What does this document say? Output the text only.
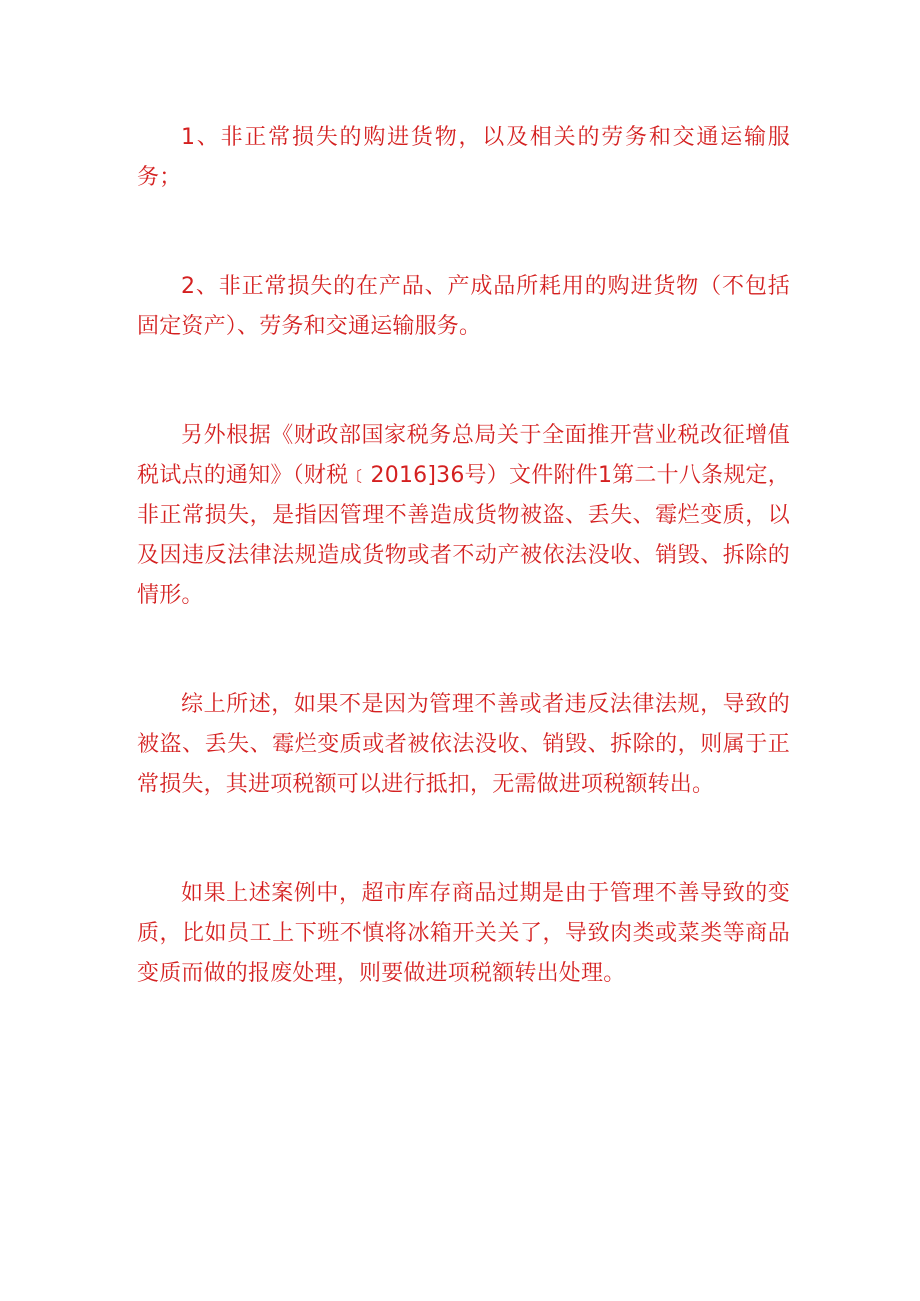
1、非正常损失的购进货物，以及相关的劳务和交通运输服务；

2、非正常损失的在产品、产成品所耗用的购进货物（不包括固定资产）、劳务和交通运输服务。

另外根据《财政部国家税务总局关于全面推开营业税改征增值税试点的通知》（财税﹝2016]36号）文件附件1第二十八条规定，非正常损失，是指因管理不善造成货物被盗、丢失、霉烂变质，以及因违反法律法规造成货物或者不动产被依法没收、销毁、拆除的情形。

综上所述，如果不是因为管理不善或者违反法律法规，导致的被盗、丢失、霉烂变质或者被依法没收、销毁、拆除的，则属于正常损失，其进项税额可以进行抵扣，无需做进项税额转出。

如果上述案例中，超市库存商品过期是由于管理不善导致的变质，比如员工上下班不慎将冰箱开关关了，导致肉类或菜类等商品变质而做的报废处理，则要做进项税额转出处理。
